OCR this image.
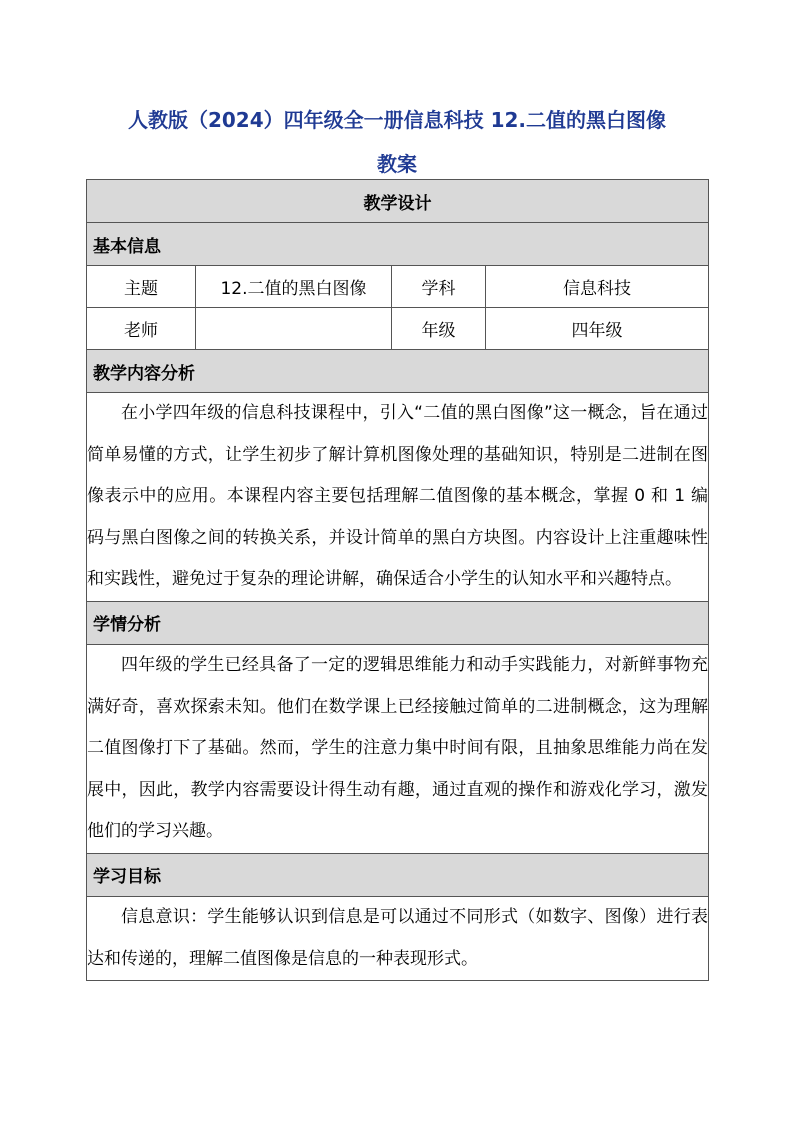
人教版（2024）四年级全一册信息科技 12.二值的黑白图像
教案
教学设计			
基本信息			
主题	12.二值的黑白图像	学科	信息科技
老师		年级	四年级
教学内容分析			
在小学四年级的信息科技课程中，引入“二值的黑白图像”这一概念，旨在通过简单易懂的方式，让学生初步了解计算机图像处理的基础知识，特别是二进制在图像表示中的应用。本课程内容主要包括理解二值图像的基本概念，掌握 0 和 1 编码与黑白图像之间的转换关系，并设计简单的黑白方块图。内容设计上注重趣味性和实践性，避免过于复杂的理论讲解，确保适合小学生的认知水平和兴趣特点。			
学情分析			
四年级的学生已经具备了一定的逻辑思维能力和动手实践能力，对新鲜事物充满好奇，喜欢探索未知。他们在数学课上已经接触过简单的二进制概念，这为理解二值图像打下了基础。然而，学生的注意力集中时间有限，且抽象思维能力尚在发展中，因此，教学内容需要设计得生动有趣，通过直观的操作和游戏化学习，激发他们的学习兴趣。			
学习目标			
信息意识：学生能够认识到信息是可以通过不同形式（如数字、图像）进行表达和传递的，理解二值图像是信息的一种表现形式。			
